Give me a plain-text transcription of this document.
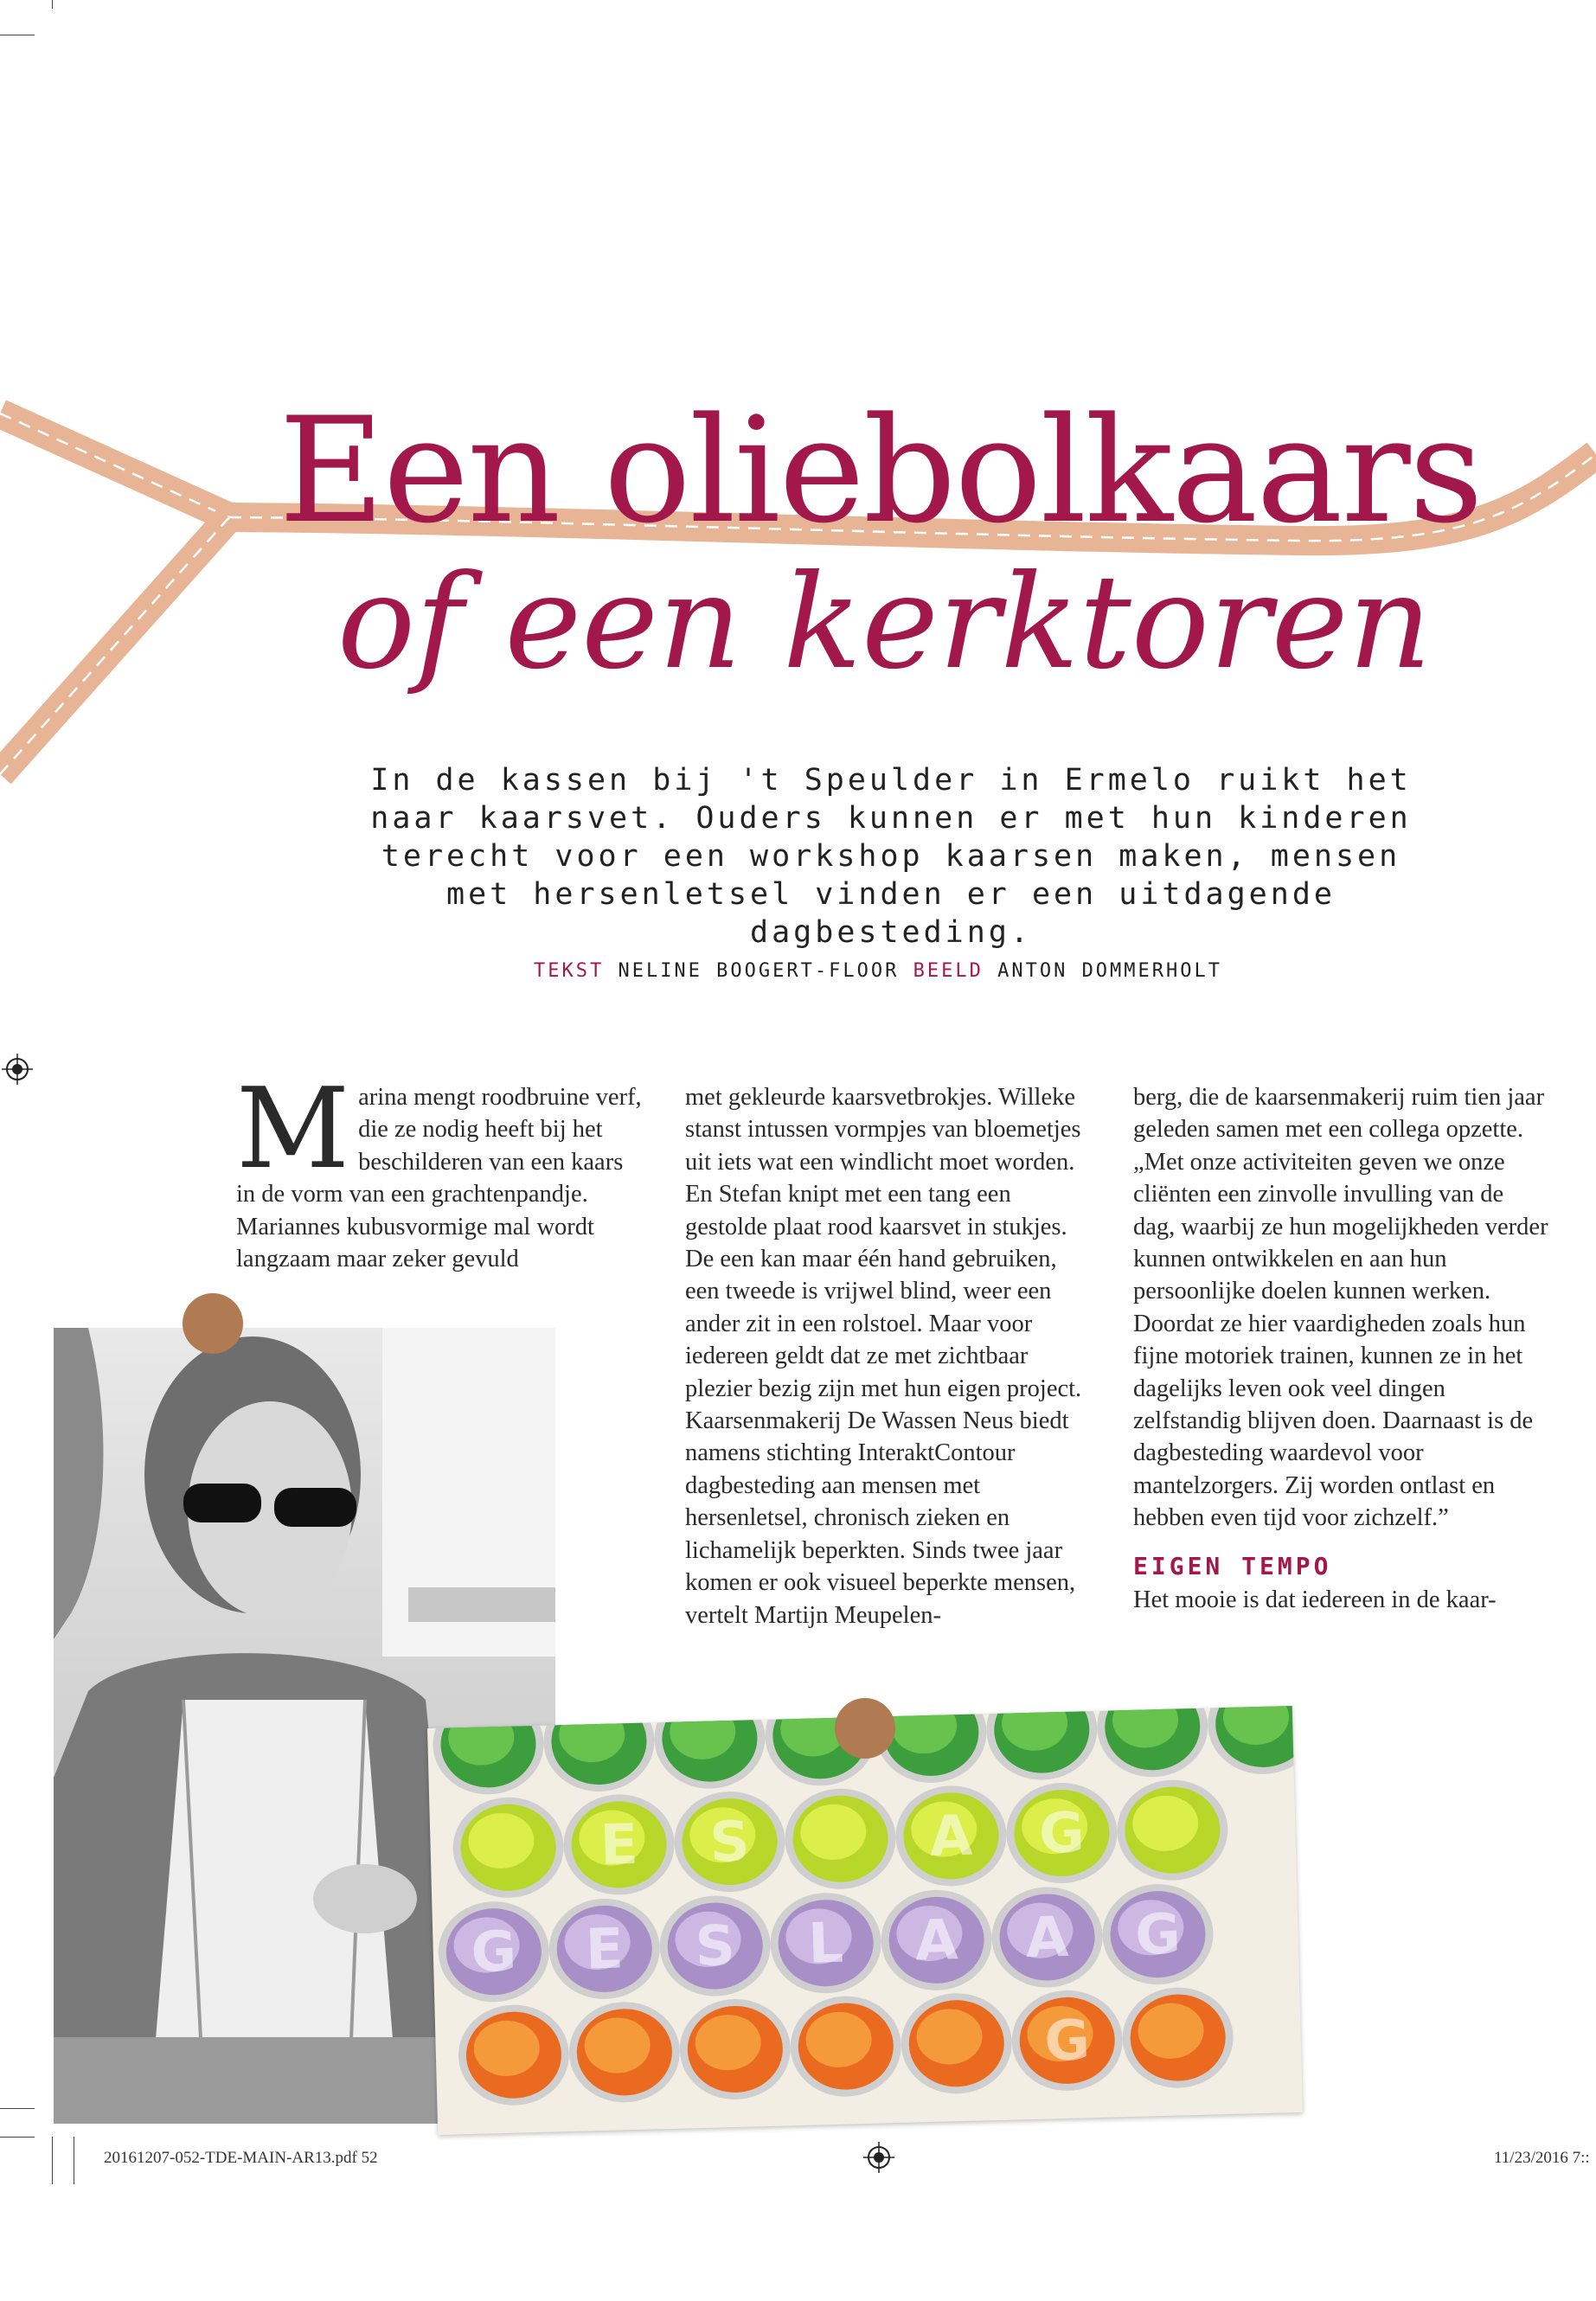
Een oliebolkaars
of een kerktoren
In de kassen bij 't Speulder in Ermelo ruikt het naar kaarsvet. Ouders kunnen er met hun kinderen terecht voor een workshop kaarsen maken, mensen met hersenletsel vinden er een uitdagende dagbesteding.
TEKST NELINE BOOGERT-FLOOR BEELD ANTON DOMMERHOLT

Marina mengt roodbruine verf, die ze nodig heeft bij het beschilderen van een kaars in de vorm van een grachtenpandje. Mariannes kubusvormige mal wordt langzaam maar zeker gevuld

met gekleurde kaarsvetbrokjes. Willeke stanst intussen vormpjes van bloemetjes uit iets wat een windlicht moet worden. En Stefan knipt met een tang een gestolde plaat rood kaarsvet in stukjes. De een kan maar één hand gebruiken, een tweede is vrijwel blind, weer een ander zit in een rolstoel. Maar voor iedereen geldt dat ze met zichtbaar plezier bezig zijn met hun eigen project. Kaarsenmakerij De Wassen Neus biedt namens stichting InteraktContour dagbesteding aan mensen met hersenletsel, chronisch zieken en lichamelijk beperkten. Sinds twee jaar komen er ook visueel beperkte mensen, vertelt Martijn Meupelen-

berg, die de kaarsenmakerij ruim tien jaar geleden samen met een collega opzette. „Met onze activiteiten geven we onze cliënten een zinvolle invulling van de dag, waarbij ze hun mogelijkheden verder kunnen ontwikkelen en aan hun persoonlijke doelen kunnen werken. Doordat ze hier vaardigheden zoals hun fijne motoriek trainen, kunnen ze in het dagelijks leven ook veel dingen zelfstandig blijven doen. Daarnaast is de dagbesteding waardevol voor mantelzorgers. Zij worden ontlast en hebben even tijd voor zichzelf.”

EIGEN TEMPO

Het mooie is dat iedereen in de kaar-

E S	A G
G E S L A A G
G
20161207-052-TDE-MAIN-AR13.pdf 52	11/23/2016 7::
